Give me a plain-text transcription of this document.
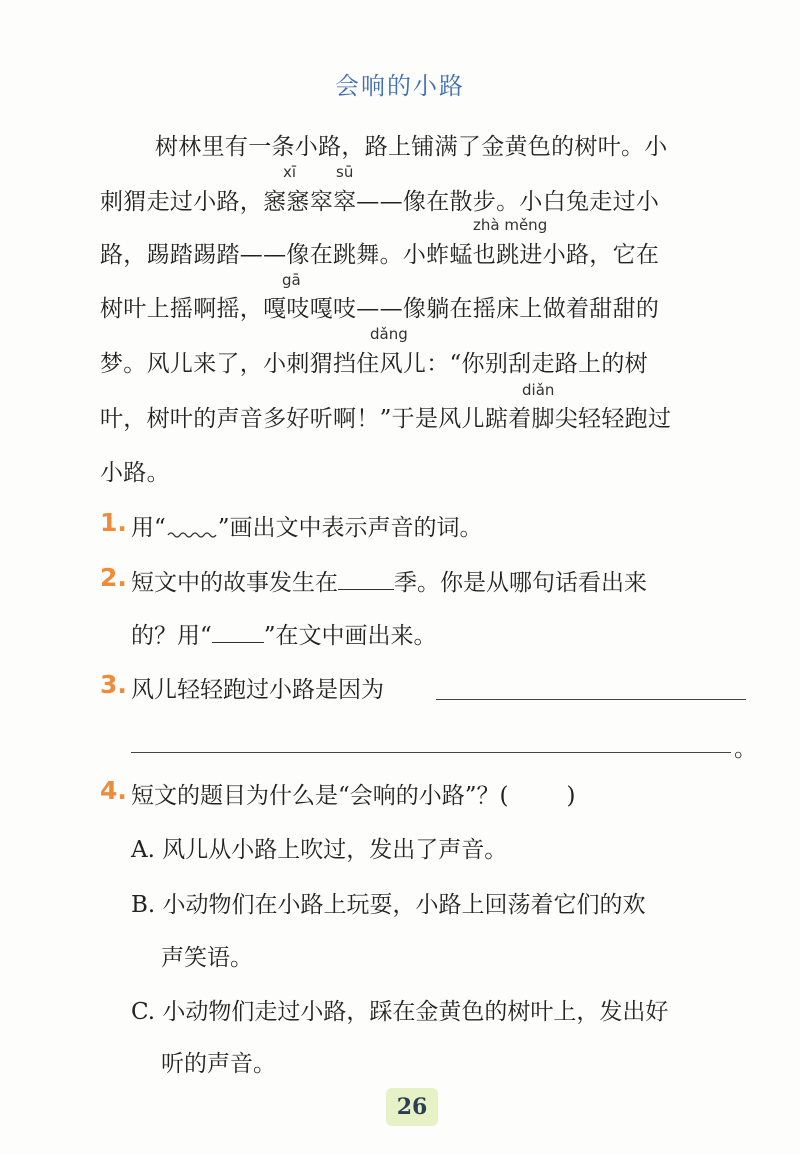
会响的小路
树林里有一条小路，路上铺满了金黄色的树叶。小
xī	sū
刺猬走过小路，窸窸窣窣——像在散步。小白兔走过小
zhà měng
路，踢踏踢踏——像在跳舞。小蚱蜢也跳进小路，它在
gā
树叶上摇啊摇，嘎吱嘎吱——像躺在摇床上做着甜甜的
dǎng
梦。风儿来了，小刺猬挡住风儿：“你别刮走路上的树
diǎn
叶，树叶的声音多好听啊！”于是风儿踮着脚尖轻轻跑过
小路。
1. 用“ ”画出文中表示声音的词。
2. 短文中的故事发生在 季。你是从哪句话看出来
的？用“ ”在文中画出来。
3. 风儿轻轻跑过小路是因为
。
4. 短文的题目为什么是“会响的小路”？(	)
A. 风儿从小路上吹过，发出了声音。
B. 小动物们在小路上玩耍，小路上回荡着它们的欢
声笑语。
C. 小动物们走过小路，踩在金黄色的树叶上，发出好
听的声音。
26
